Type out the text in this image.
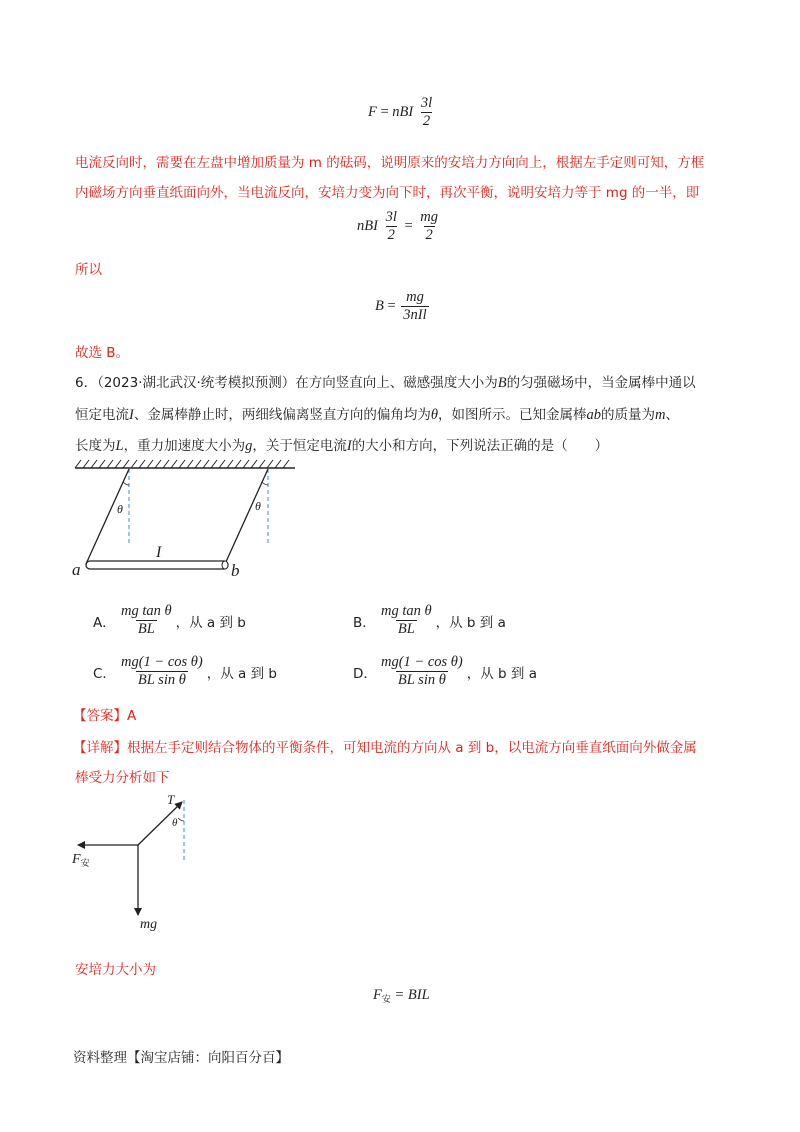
F = nBI $\frac{3l}{2}$
电流反向时，需要在左盘中增加质量为 m 的砝码，说明原来的安培力方向向上，根据左手定则可知，方框
内磁场方向垂直纸面向外，当电流反向，安培力变为向下时，再次平衡，说明安培力等于 mg 的一半，即
nBI $\frac{3l}{2} = \frac{mg}{2}$
所以
$B = \frac{mg}{\text{3nIl}}$
故选 B。
6．（2023·湖北武汉·统考模拟预测）在方向竖直向上、磁感强度大小为B的匀强磁场中，当金属棒中通以
恒定电流I、金属棒静止时，两细线偏离竖直方向的偏角均为θ，如图所示。已知金属棒ab的质量为m、
长度为L，重力加速度大小为g，关于恒定电流I的大小和方向，下列说法正确的是（　　）
θ	θ
I
a	b
A． $\frac{\text{mg tan θ}}{BL}$ ，从 a 到 b	B． $\frac{\text{mg tan θ}}{BL}$ ，从 b 到 a
C． $\frac{\text{mg(1 − cos θ)}}{\text{BL sin θ}}$ ，从 a 到 b	D． $\frac{\text{mg(1 − cos θ)}}{\text{BL sin θ}}$ ，从 b 到 a
【答案】A
【详解】根据左手定则结合物体的平衡条件，可知电流的方向从 a 到 b，以电流方向垂直纸面向外做金属
棒受力分析如下
T
θ
$F_安$
mg
安培力大小为
$F_安$ = BIL
资料整理【淘宝店铺：向阳百分百】
